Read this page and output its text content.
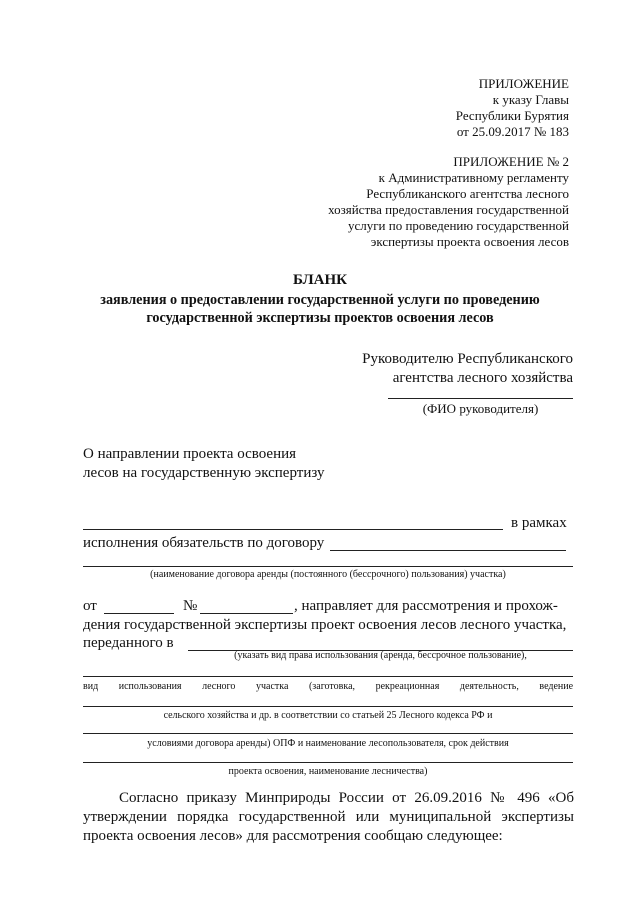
ПРИЛОЖЕНИЕ
к указу Главы
Республики Бурятия
от 25.09.2017 № 183
ПРИЛОЖЕНИЕ № 2
к Административному регламенту
Республиканского агентства лесного
хозяйства предоставления государственной
услуги по проведению государственной
экспертизы проекта освоения лесов
БЛАНК
заявления о предоставлении государственной услуги по проведению
государственной экспертизы проектов освоения лесов
Руководителю Республиканского
агентства лесного хозяйства
(ФИО руководителя)
О направлении проекта освоения
лесов на государственную экспертизу
в рамках
исполнения обязательств по договору
(наименование договора аренды (постоянного (бессрочного) пользования) участка)
от	№	, направляет для рассмотрения и прохож-
дения государственной экспертизы проект освоения лесов лесного участка,
переданного в
(указать вид права использования (аренда, бессрочное пользование),
вид использования лесного участка (заготовка, рекреационная деятельность, ведение
сельского хозяйства и др. в соответствии со статьей 25 Лесного кодекса РФ и
условиями договора аренды) ОПФ и наименование лесопользователя, срок действия
проекта освоения, наименование лесничества)
Согласно приказу Минприроды России от 26.09.2016 № 496 «Об
утверждении порядка государственной или муниципальной экспертизы
проекта освоения лесов» для рассмотрения сообщаю следующее:
